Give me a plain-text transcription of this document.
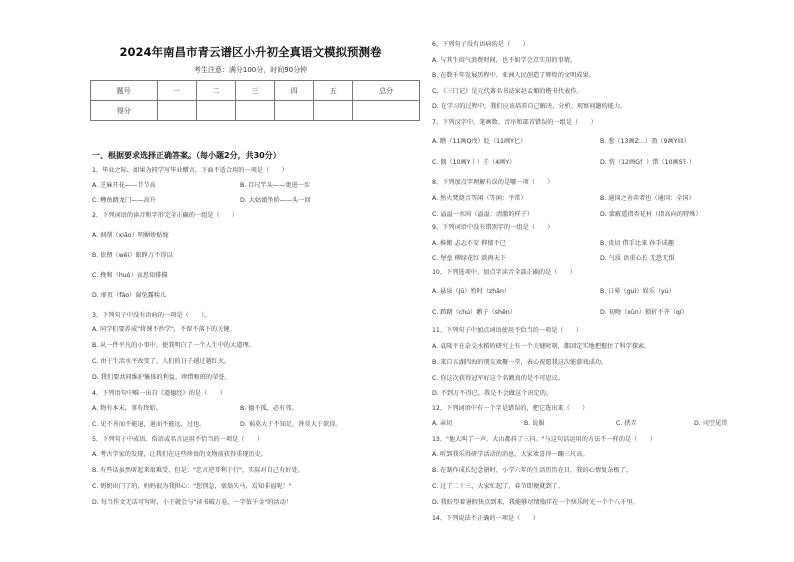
2024年南昌市青云谱区小升初全真语文模拟预测卷
考生注意：满分100分，时间90分钟
题号	一	二	三	四	五	总分
得分						
一、根据要求选择正确答案。（每小题2分，共30分）
1、毕业之际，如果为同学写毕业赠言，下面不适合用的一项是（　　）
A. 芝麻开花——节节高	B. 百尺竿头——更进一步
C. 鲤鱼跳龙门——高升	D. 大姑娘坐轿——头一回
2、下列词语的读音和字形完全正确的一组是（　　）
A. 刹削（xiāo）明媚娇贴嫁
B. 依偎（wēi）眼睁万不得以
C. 挽和（huó）哀思知排描
D. 扉页（fāo）湿兔露犊儿
3、下列句子中没有语病的一项是（　　）。
A. 同学们要养成"将课不抄学"，不留不落下的关键。
B. 从一件平凡的小事中，使我明白了一个人生中的大道理。
C. 由于生活水平改变了，人们的日子越过越红火。
D. 我们要共同维护集体的利益，珍惜和班的荣誉。
4、下列语句中唯一出自《道德经》的是（　　）
A. 物有本末，事有终始。	B. 德不孤，必有邻。
C. 见不善而不能退，退而不能远，过也。	D. 祸莫大于不知足，咎莫大于欲得。
5、下列句子中成语、俗语或名言运用不恰当的一项是（　　）
A. 考古学家的发现，让我们在这些珍贵的文物前获得重现历史。
B. 有些话虽然听起来很难受，但是："忠言逆耳利于行"，实际对自己有好处。
C. 奶奶出门了的，妈妈很为我担心："您别急，塞翁失马，焉知非福呢！"
D. 每当作文无话可写时，小王就会与"读书破万卷，一字值千金"的活动！
6、下列句子没有语病的是（　　）
A. 与其生闷气浪费时间，也不如学会点实用的事情。
B. 在数千年发展历程中，亚洲人民创造了辉煌的文明成果。
C. 《三门记》是元代著名书法家赵孟頫的楷书代表作。
D. 在学习的过程中，我们应该培养自己解决、分析、观察问题的能力。
7、下列汉字中，笔画数、音序和部首错误的一组是（　　）
A. 瞧（11画Q戊）眨（11画Y匕）	B. 葱（13画Z…）盈（9画Y皿）
C. 偶（10画Y丨）壬（4画Y）	D. 恍（12画G忄）错（10画S钅）
8、下列加点字理解有误的是哪一项（　　）
A. 然火焚烧音等闲（等闲：平常）	B. 通国之善弈者也（通国：全国）
C. 溢溢一水间（溢溢：清澈的样子）	D. 蒙蔽遥指杏花村（指高向的特殊）
9、下列词语中没有错别字的一组是（　　）
A. 推搬 忐忑不安 抑郁不已	B. 贵切 借手比来 孙手成趣
C. 堡垒 柳绿花红 欲再天下	D. 气质 语重心长 无恐无惧
10、下列选项中，加点字读音全部正确的是（　　）
A. 悬泉（jū）暂时（zhān）	B. 日晕（guì）娱乐（yú）
C. 踌躇（chú）鹅子（shēn）	D. 初吻（xùn）锁折不齐（qí）
11、下列句子中加点词语使用不恰当的一项是（　　）
A. 袁隆平在杂交水稻的研究上有一个关键时刻，都回定实地把握住了科学探索。
B. 来自五湖四海的朋友欢聚一堂，表心祝愿我这次能游戏成功。
C. 你这次获得冠军好这个名额真的是不可思议。
D. 不到万不得已，我是不会做这个决定的。
12、下列词语中有一个字是错误的，把它选出来（　　）
A. 亲切	B. 说服	C. 挟弄	D. 司空见贯
13、"他大叫了一声，大山都抖了三抖。"与这句话运用的方法不一样的是（　　）
A. 听到我乐得研学活动的消息，大家欢喜得一蹦三尺高。
B. 在制作成长纪念册时，小学六年的生活历历在目，我的心情复杂极了。
C. 过了二十三，大家忙起了，春节即便就到了。
D. 我盼望着暑假快点到来，我能够尽情徜徉在一个快乐时光一个个八千里。
14、下列说法不正确的一项是（　　）
